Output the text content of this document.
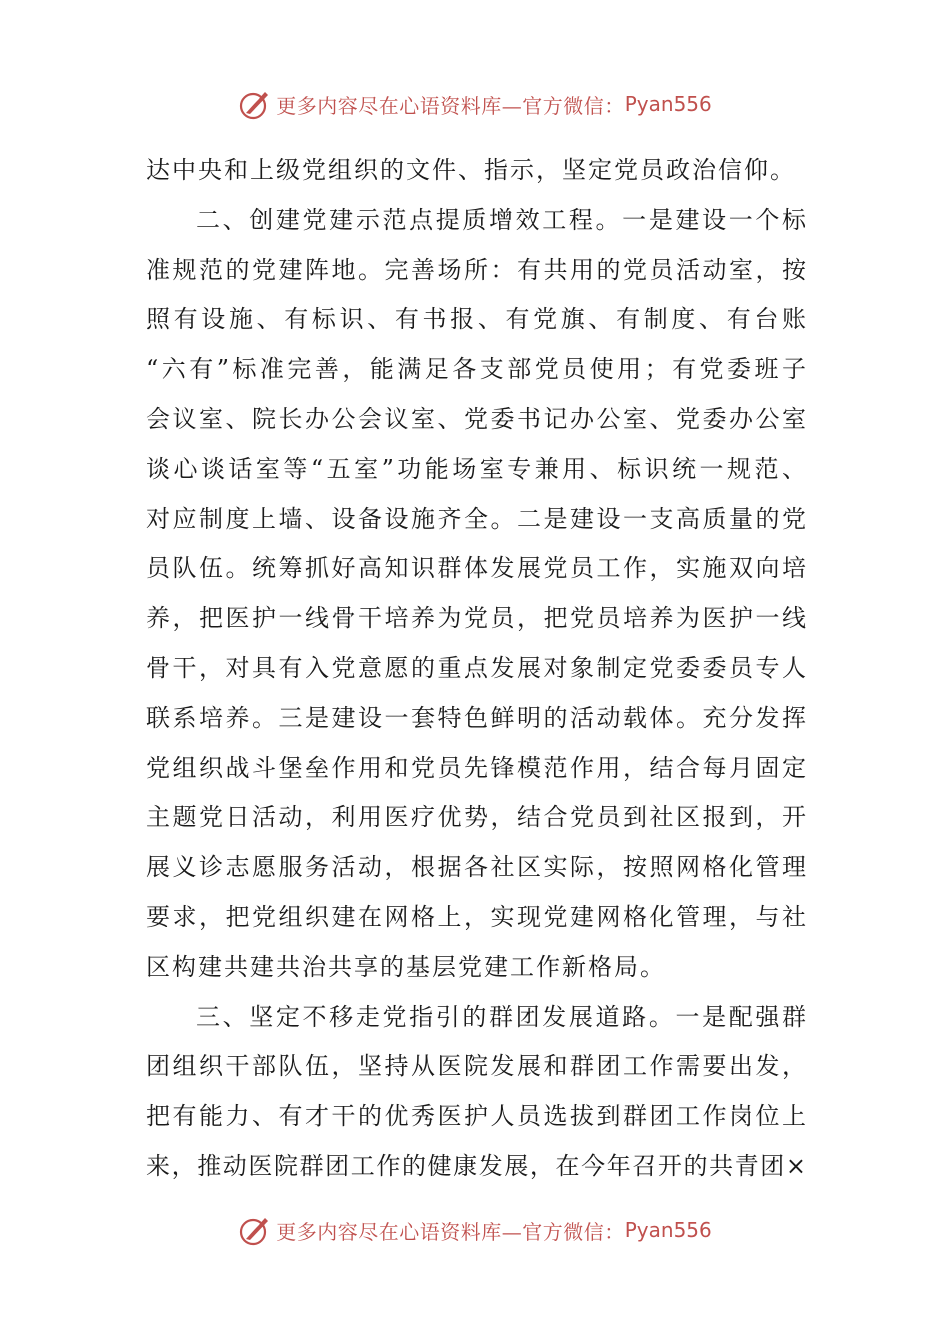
更多内容尽在心语资料库—官方微信： Pyan556
达中央和上级党组织的文件、指示，坚定党员政治信仰。
二、创建党建示范点提质增效工程。一是建设一个标
准规范的党建阵地。完善场所：有共用的党员活动室，按
照有设施、有标识、有书报、有党旗、有制度、有台账
“六有”标准完善，能满足各支部党员使用；有党委班子
会议室、院长办公会议室、党委书记办公室、党委办公室
谈心谈话室等“五室”功能场室专兼用、标识统一规范、
对应制度上墙、设备设施齐全。二是建设一支高质量的党
员队伍。统筹抓好高知识群体发展党员工作，实施双向培
养，把医护一线骨干培养为党员，把党员培养为医护一线
骨干，对具有入党意愿的重点发展对象制定党委委员专人
联系培养。三是建设一套特色鲜明的活动载体。充分发挥
党组织战斗堡垒作用和党员先锋模范作用，结合每月固定
主题党日活动，利用医疗优势，结合党员到社区报到，开
展义诊志愿服务活动，根据各社区实际，按照网格化管理
要求，把党组织建在网格上，实现党建网格化管理，与社
区构建共建共治共享的基层党建工作新格局。
三、坚定不移走党指引的群团发展道路。一是配强群
团组织干部队伍，坚持从医院发展和群团工作需要出发，
把有能力、有才干的优秀医护人员选拔到群团工作岗位上
来，推动医院群团工作的健康发展，在今年召开的共青团×
更多内容尽在心语资料库—官方微信： Pyan556
